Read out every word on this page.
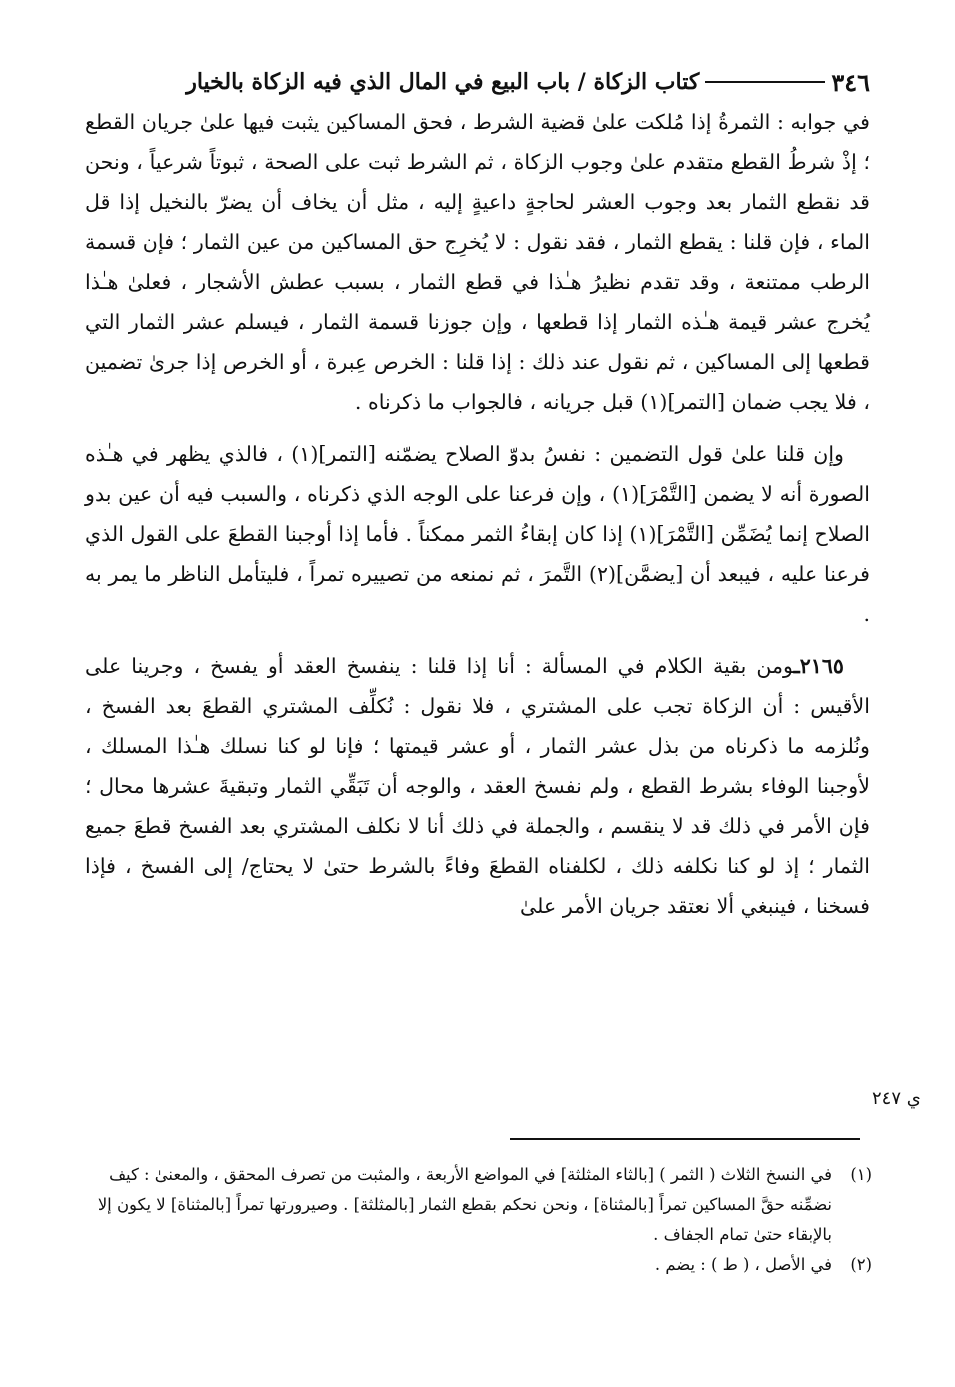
٣٤٦
كتاب الزكاة / باب البيع في المال الذي فيه الزكاة بالخيار

في جوابه : الثمرةُ إذا مُلكت علىٰ قضية الشرط ، فحق المساكين يثبت فيها علىٰ جريان القطع ؛ إذْ شرطُ القطع متقدم علىٰ وجوب الزكاة ، ثم الشرط ثبت على الصحة ، ثبوتاً شرعياً ، ونحن قد نقطع الثمار بعد وجوب العشر لحاجةٍ داعيةٍ إليه ، مثل أن يخاف أن يضرّ بالنخيل إذا قل الماء ، فإن قلنا : يقطع الثمار ، فقد نقول : لا يُخرِج حق المساكين من عين الثمار ؛ فإن قسمة الرطب ممتنعة ، وقد تقدم نظيرُ هـٰذا في قطع الثمار ، بسبب عطش الأشجار ، فعلىٰ هـٰذا يُخرج عشر قيمة هـٰذه الثمار إذا قطعها ، وإن جوزنا قسمة الثمار ، فيسلم عشر الثمار التي قطعها إلى المساكين ، ثم نقول عند ذلك : إذا قلنا : الخرص عِبرة ، أو الخرص إذا جرىٰ تضمين ، فلا يجب ضمان [التمر](١) قبل جريانه ، فالجواب ما ذكرناه .

وإن قلنا علىٰ قول التضمين : نفسُ بدوّ الصلاح يضمّنه [التمر](١) ، فالذي يظهر في هـٰذه الصورة أنه لا يضمن [التَّمْرَ](١) ، وإن فرعنا على الوجه الذي ذكرناه ، والسبب فيه أن عين بدو الصلاح إنما يُضَمِّن [التَّمْرَ](١) إذا كان إبقاءُ الثمر ممكناً . فأما إذا أوجبنا القطعَ على القول الذي فرعنا عليه ، فيبعد أن [يضمَّن](٢) التَّمرَ ، ثم نمنعه من تصييره تمراً ، فليتأمل الناظر ما يمر به .

٢١٦٥ـومن بقية الكلام في المسألة : أنا إذا قلنا : ينفسخ العقد أو يفسخ ، وجرينا على الأقيس : أن الزكاة تجب على المشتري ، فلا نقول : نُكلِّف المشتري القطعَ بعد الفسخ ، ونُلزمه ما ذكرناه من بذل عشر الثمار ، أو عشر قيمتها ؛ فإنا لو كنا نسلك هـٰذا المسلك ، لأوجبنا الوفاء بشرط القطع ، ولم نفسخ العقد ، والوجه أن تَبَقِّي الثمار وتبقيةَ عشرها محال ؛ فإن الأمر في ذلك قد لا ينقسم ، والجملة في ذلك أنا لا نكلف المشتري بعد الفسخ قطعَ جميع الثمار ؛ إذ لو كنا نكلفه ذلك ، لكلفناه القطعَ وفاءً بالشرط حتىٰ لا يحتاج/ إلى الفسخ ، فإذا فسخنا ، فينبغي ألا نعتقد جريان الأمر علىٰ

ي ٢٤٧
(١)
في النسخ الثلاث ( الثمر ) [بالثاء المثلثة] في المواضع الأربعة ، والمثبت من تصرف المحقق ، والمعنىٰ : كيف نضمِّنه حقَّ المساكين تمراً [بالمثناة] ، ونحن نحكم بقطع الثمار [بالمثلثة] . وصيرورتها تمراً [بالمثناة] لا يكون إلا بالإبقاء حتىٰ تمام الجفاف .
(٢)
في الأصل ، ( ط ) : يضم .
